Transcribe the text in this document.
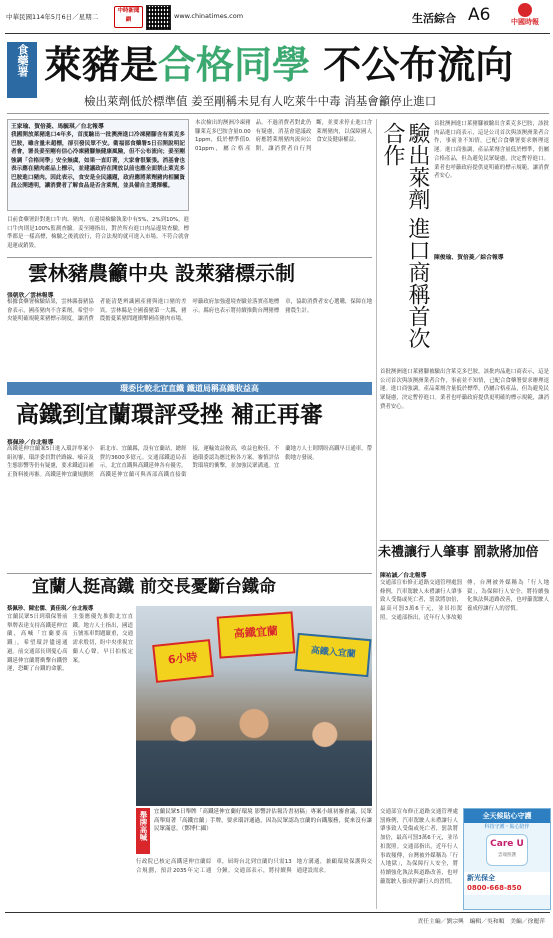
中華民國114年5月6日／星期二
中時新聞網	www.chinatimes.com	生活綜合 A6	中國時報
食藥署 萊豬是合格同學 不公布流向
檢出萊劑低於標準值 姜至剛稱未見有人吃萊牛中毒 消基會籲停止進口
王家瑜、賀倍菱、馬毓琪／台北報導
我國開放萊豬進口4年多，首度驗出一批澳洲進口冷凍豬腳含有萊克多巴胺，雖含量未超標，卻引發民眾不安。衛福部食藥署5日召開說明記者會，署長姜至剛有信心冷凍豬腳無健康風險，但不公布流向；姜至剛強調「合格同學」安全無虞，如果一直盯著，大家會很緊張。消基會也表示應在豬肉產品上標示，並建議政府在開放以前也應全面禁止萊克多巴胺進口豬肉。因此表示，食安是全民議題，政府應將萊劑豬肉相關資訊公開透明，讓消費者了解食品是否含萊劑，並具備自主選擇權。
目前食藥署針對進口牛肉、豬肉，在邊境檢驗執業中有5%、2%到10%，進口牛肉則是100%監測查驗。姜至剛指出，對於所有進口肉品邊境查驗，標準都是一樣高標，檢驗之後就放行，符合法規的就可進入市場。不符合就會退運或銷毀。
本次檢出的澳洲冷凍豬腳萊克多巴胺含量0.001ppm，低於標準值0.01ppm，屬合格產品。不過消費者對此仍有疑慮，消基會建議政府應將萊劑豬肉流向公開，讓消費者自行判斷，並要求停止進口含萊劑豬肉，以保障國人食安及健康權益。
雲林豬農籲中央 設萊豬標示制
張朝欣／雲林報導
根據食藥署檢驗結果，雲林縣養豬協會表示，國產豬肉不含萊劑，希望中央能明確規範萊豬標示制度，讓消費者能清楚辨識國產豬與進口豬的差異。雲林縣是全國養豬第一大縣，豬農擔憂萊豬問題衝擊國產豬肉市場，呼籲政府加強邊境查驗並落實產地標示。縣府也表示將持續推動台灣豬標章，協助消費者安心選購，保障在地豬農生計。
環委比較北宜直鐵 鐵道局稱高鐵收益高
高鐵到宜蘭環評受挫 補正再審
蔡佩珍／台北報導
高鐵延伸宜蘭案5日進入環評專案小組初審，環評委員對於路線、噪音及生態影響等仍有疑慮，要求鐵道局補正資料後再審。高鐵延伸宜蘭規劃經新北市、宜蘭縣，設有宜蘭站，總經費約3600多億元。交通部鐵道局表示，北宜直鐵與高鐵延伸各有優劣，高鐵延伸宜蘭可與西部高鐵直接銜接，運輸效益較高，收益也較佳。不過環委認為應比較各方案，審慎評估對環境的衝擊，並加強民眾溝通。宜蘭地方人士則期盼高鐵早日通車，帶動地方發展。
宜蘭人挺高鐵 前交長憂斷台鐵命
蔡佩珍、陳宏儒、黃佳琪／台北報導
宜蘭民眾5日到環保署前舉牌表達支持高鐵延伸宜蘭，高喊「宜蘭要高鐵」，希望環評儘速通過。前交通部長則憂心高鐵延伸宜蘭將衝擊台鐵營運，恐斷了台鐵的命脈，主張應優先推動北宜直鐵。地方人士指出，國道五號塞車問題嚴重，交通需求殷切，盼中央重視宜蘭人心聲，早日拍板定案。
高鐵宜蘭
高鐵入宜蘭
6小時
舉牌高喊	宜蘭民眾5日舉牌「高鐵延伸宜蘭好環境 影響評估報告書初稿」專案小組初審會議，民眾高舉寫著「高鐵宜蘭」手牌，要求環評通過，因為民眾認為宜蘭的台鐵服務，從來沒有讓民眾滿意。（鄧博仁攝）
行政院已核定高鐵延伸宜蘭綜合規劃，預計2035年完工通車，屆時台北到宜蘭約只需13分鐘。交通部表示，將持續與地方溝通，兼顧環境保護與交通建設需求。
驗出萊劑 進口商稱首次合作	首批澳洲進口萊豬腳被驗出含萊克多巴胺，該批肉品進口商表示，這是公司首次與該澳洲業者合作，事前並不知情，已配合食藥署要求辦理退運。進口商強調，產品萊劑含量低於標準，仍屬合格產品，但為避免民眾疑慮，決定暫停進口。業者也呼籲政府提供更明確的標示規範，讓消費者安心。
陳俊瑜、賀倍菱／綜合報導
首批澳洲進口萊豬腳被驗出含萊克多巴胺，該批肉品進口商表示，這是公司首次與該澳洲業者合作，事前並不知情，已配合食藥署要求辦理退運。進口商強調，產品萊劑含量低於標準，仍屬合格產品，但為避免民眾疑慮，決定暫停進口。業者也呼籲政府提供更明確的標示規範，讓消費者安心。
未禮讓行人肇事 罰款將加倍
陳祐誠／台北報導
交通部宣布修正道路交通管理處罰條例，汽車駕駛人未禮讓行人肇事致人受傷或死亡者，罰款將加倍，最高可罰3萬6千元，並吊扣駕照。交通部指出，近年行人事故頻傳，台灣被外媒稱為「行人地獄」，為保障行人安全，將持續強化執法與道路改善，也呼籲駕駛人養成停讓行人的習慣。
全天候貼心守護
科技守護・貼心陪伴
Care U
雲端照護
新光保全
0800-668-850
交通部宣布修正道路交通管理處罰條例，汽車駕駛人未禮讓行人肇事致人受傷或死亡者，罰款將加倍，最高可罰3萬6千元，並吊扣駕照。交通部指出，近年行人事故頻傳，台灣被外媒稱為「行人地獄」，為保障行人安全，將持續強化執法與道路改善，也呼籲駕駛人養成停讓行人的習慣。
責任主編／劉宗興　編輯／吳和順　美編／徐麗萍
